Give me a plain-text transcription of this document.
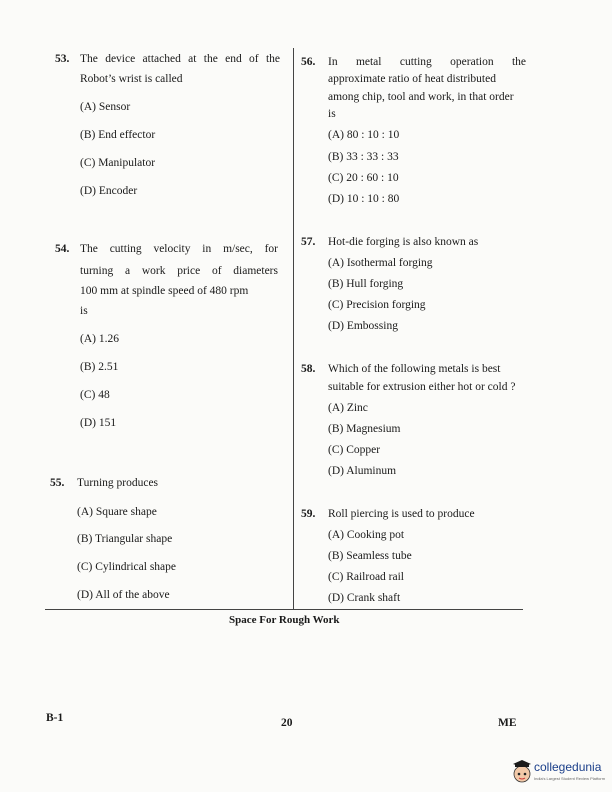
53. The device attached at the end of the
Robot’s wrist is called
(A) Sensor
(B) End effector
(C) Manipulator
(D) Encoder
54. The cutting velocity in m/sec, for
turning a work price of diameters
100 mm at spindle speed of 480 rpm
is
(A) 1.26
(B) 2.51
(C) 48
(D) 151
55. Turning produces
(A) Square shape
(B) Triangular shape
(C) Cylindrical shape
(D) All of the above
56. In metal cutting operation the
approximate ratio of heat distributed
among chip, tool and work, in that order
is
(A) 80 : 10 : 10
(B) 33 : 33 : 33
(C) 20 : 60 : 10
(D) 10 : 10 : 80
57. Hot-die forging is also known as
(A) Isothermal forging
(B) Hull forging
(C) Precision forging
(D) Embossing
58. Which of the following metals is best
suitable for extrusion either hot or cold ?
(A) Zinc
(B) Magnesium
(C) Copper
(D) Aluminum
59. Roll piercing is used to produce
(A) Cooking pot
(B) Seamless tube
(C) Railroad rail
(D) Crank shaft
Space For Rough Work
B-1	20	ME
collegedunia
India's Largest Student Review Platform
